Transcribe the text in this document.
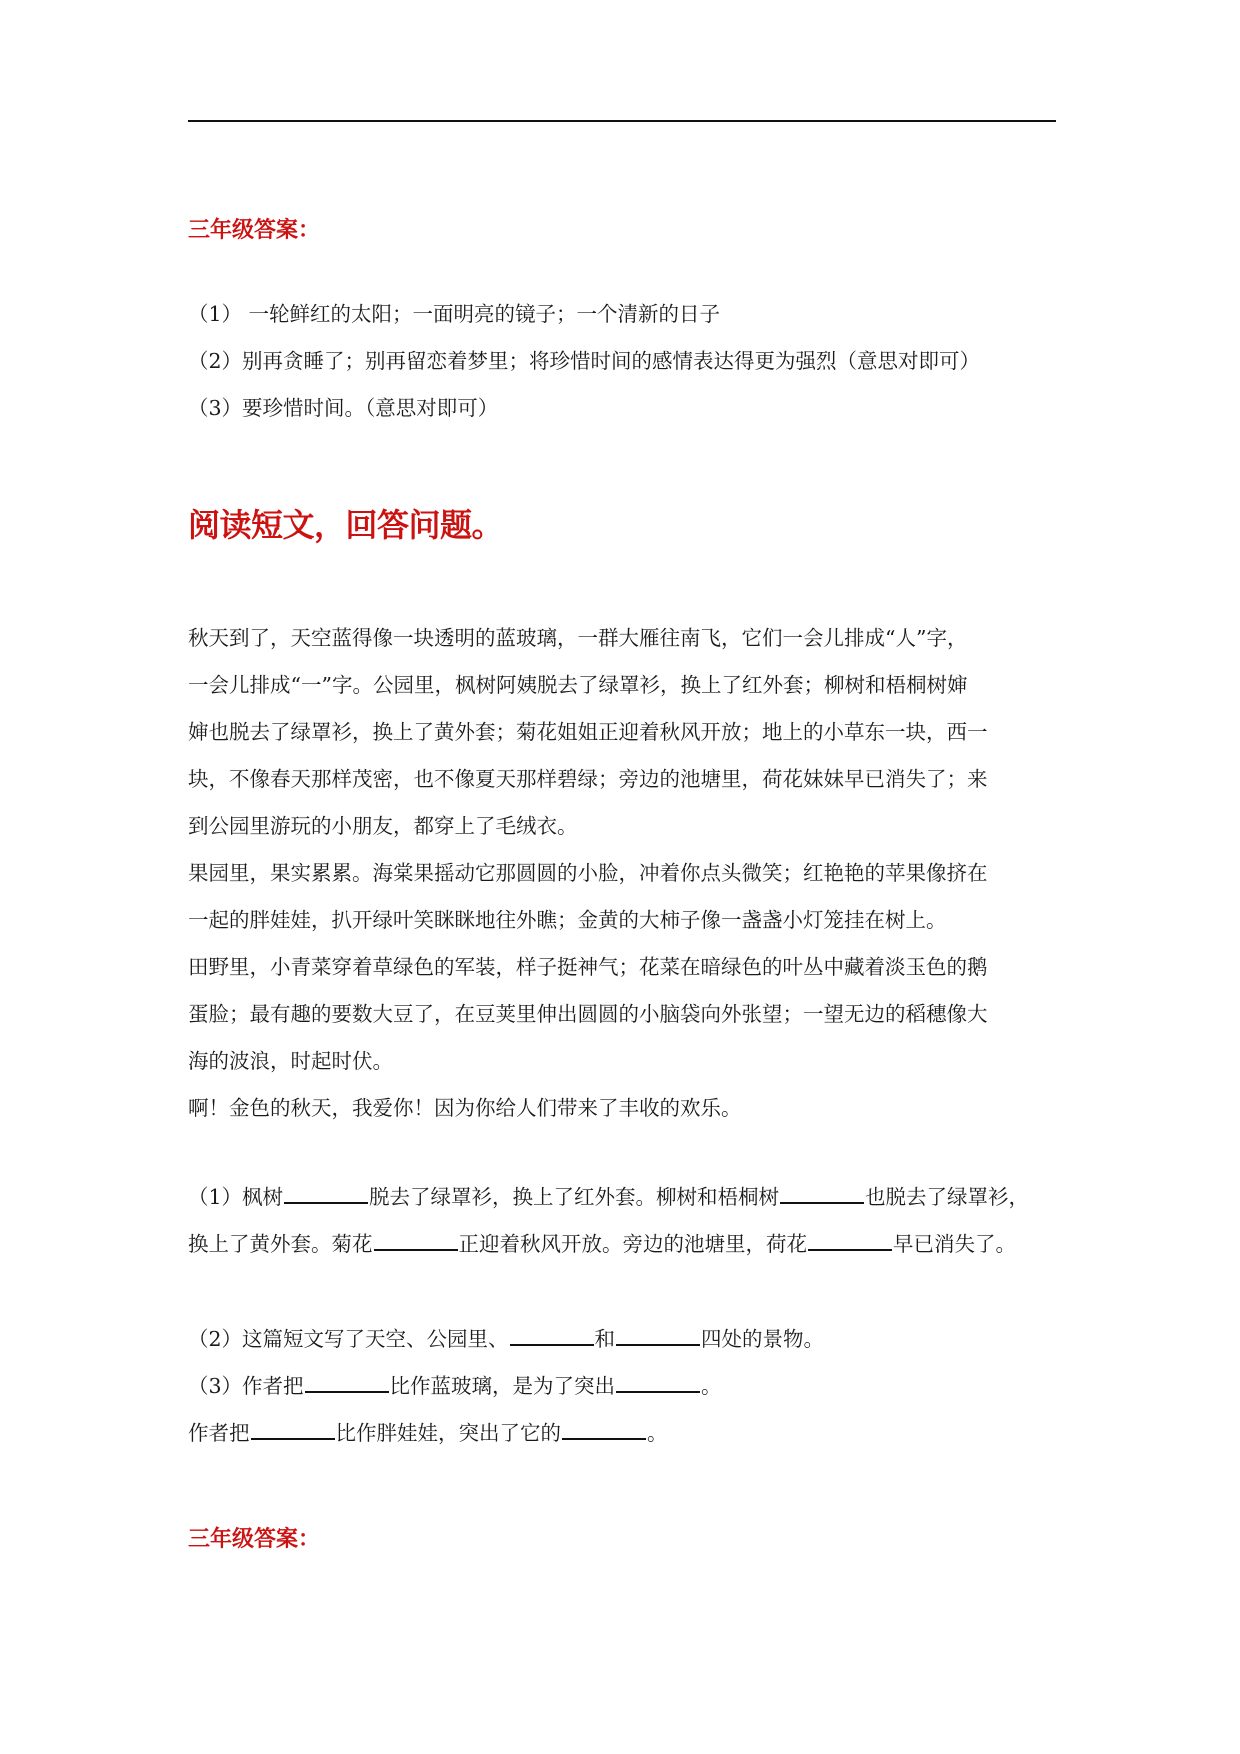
三年级答案：
（1） 一轮鲜红的太阳；一面明亮的镜子；一个清新的日子
（2）别再贪睡了；别再留恋着梦里；将珍惜时间的感情表达得更为强烈（意思对即可）
（3）要珍惜时间。（意思对即可）
阅读短文，回答问题。
秋天到了，天空蓝得像一块透明的蓝玻璃，一群大雁往南飞，它们一会儿排成“人”字，
一会儿排成“一”字。公园里，枫树阿姨脱去了绿罩衫，换上了红外套；柳树和梧桐树婶
婶也脱去了绿罩衫，换上了黄外套；菊花姐姐正迎着秋风开放；地上的小草东一块，西一
块，不像春天那样茂密，也不像夏天那样碧绿；旁边的池塘里，荷花妹妹早已消失了；来
到公园里游玩的小朋友，都穿上了毛绒衣。
果园里，果实累累。海棠果摇动它那圆圆的小脸，冲着你点头微笑；红艳艳的苹果像挤在
一起的胖娃娃，扒开绿叶笑眯眯地往外瞧；金黄的大柿子像一盏盏小灯笼挂在树上。
田野里，小青菜穿着草绿色的军装，样子挺神气；花菜在暗绿色的叶丛中藏着淡玉色的鹅
蛋脸；最有趣的要数大豆了，在豆荚里伸出圆圆的小脑袋向外张望；一望无边的稻穗像大
海的波浪，时起时伏。
啊！金色的秋天，我爱你！因为你给人们带来了丰收的欢乐。
（1）枫树	脱去了绿罩衫，换上了红外套。柳树和梧桐树	也脱去了绿罩衫，
换上了黄外套。菊花	正迎着秋风开放。旁边的池塘里，荷花	早已消失了。
（2）这篇短文写了天空、公园里、	和	四处的景物。
（3）作者把	比作蓝玻璃，是为了突出	。
作者把	比作胖娃娃，突出了它的	。
三年级答案：
